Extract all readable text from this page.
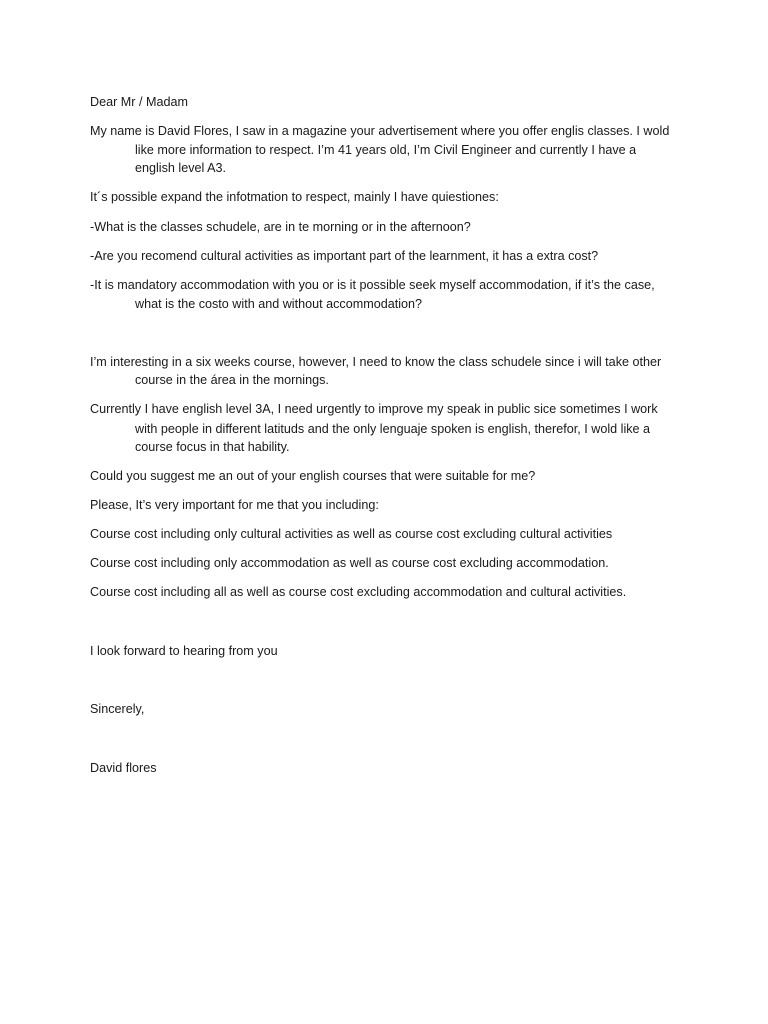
Dear Mr / Madam
My name is David Flores, I saw in a magazine your advertisement where you offer englis classes. I wold
like more information to respect. I’m 41 years old, I’m Civil Engineer and currently I have a
english level A3.
It´s possible expand the infotmation to respect, mainly I have quiestiones:
-What is the classes schudele, are in te morning or in the afternoon?
-Are you recomend cultural activities as important part of the learnment, it has a extra cost?
-It is mandatory accommodation with you or is it possible seek myself accommodation, if it’s the case,
what is the costo with and without accommodation?
I’m interesting in a six weeks course, however, I need to know the class schudele since i will take other
course in the área in the mornings.
Currently I have english level 3A, I need urgently to improve my speak in public sice sometimes I work
with people in different latituds and the only lenguaje spoken is english, therefor, I wold like a
course focus in that hability.
Could you suggest me an out of your english courses that were suitable for me?
Please, It’s very important for me that you including:
Course cost including only cultural activities as well as course cost excluding cultural activities
Course cost including only accommodation as well as course cost excluding accommodation.
Course cost including all as well as course cost excluding accommodation and cultural activities.
I look forward to hearing from you
Sincerely,
David flores
